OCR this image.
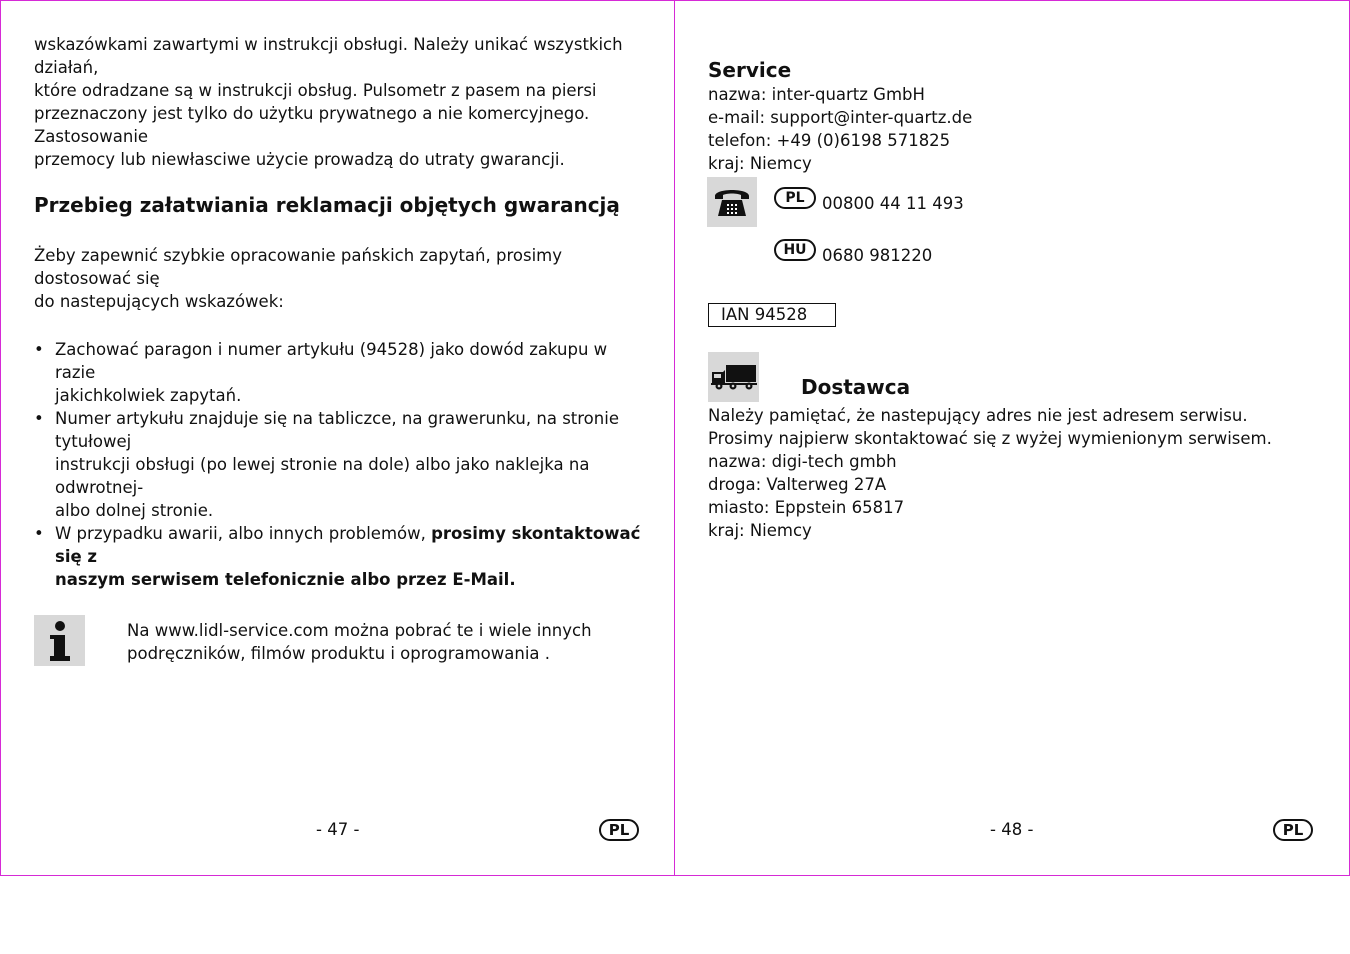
wskazówkami zawartymi w instrukcji obsługi. Należy unikać wszystkich działań,

które odradzane są w instrukcji obsług. Pulsometr z pasem na piersi

przeznaczony jest tylko do użytku prywatnego a nie komercyjnego. Zastosowanie

przemocy lub niewłasciwe użycie prowadzą do utraty gwarancji.

Przebieg załatwiania reklamacji objętych gwarancją

Żeby zapewnić szybkie opracowanie pańskich zapytań, prosimy dostosować się

do nastepujących wskazówek:

• Zachować paragon i numer artykułu (94528) jako dowód zakupu w razie
jakichkolwiek zapytań.
• Numer artykułu znajduje się na tabliczce, na grawerunku, na stronie tytułowej
instrukcji obsługi (po lewej stronie na dole) albo jako naklejka na odwrotnej-
albo dolnej stronie.
• W przypadku awarii, albo innych problemów, prosimy skontaktować się z
naszym serwisem telefonicznie albo przez E-Mail.

Na www.lidl-service.com można pobrać te i wiele innych

podręczników, filmów produktu i oprogramowania .

- 47 -	PL
Service

nazwa: inter-quartz GmbH

e-mail: support@inter-quartz.de

telefon: +49 (0)6198 571825

kraj: Niemcy

PL	00800 44 11 493
HU 0680 981220
IAN 94528
Dostawca

Należy pamiętać, że nastepujący adres nie jest adresem serwisu.

Prosimy najpierw skontaktować się z wyżej wymienionym serwisem.

nazwa: digi-tech gmbh

droga: Valterweg 27A

miasto: Eppstein 65817

kraj: Niemcy

- 48 -	PL
